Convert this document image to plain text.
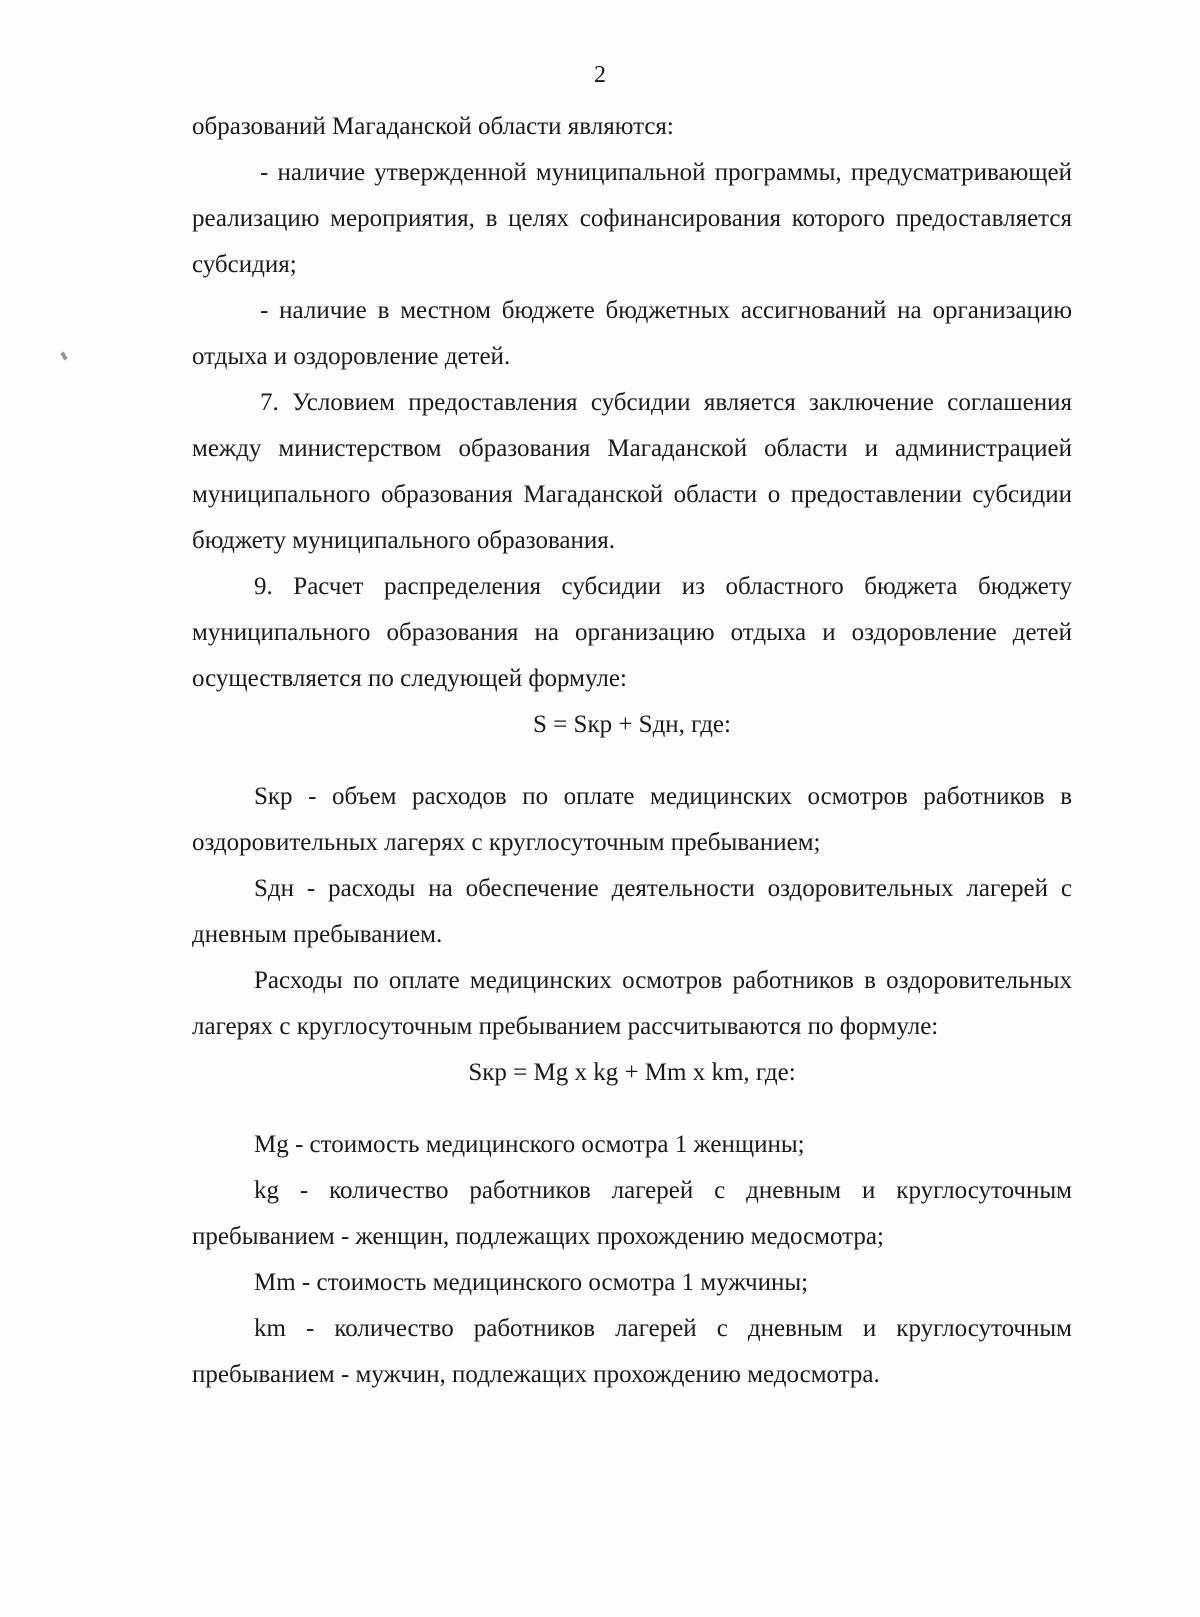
2

образований Магаданской области являются:

- наличие утвержденной муниципальной программы, предусматривающей реализацию мероприятия, в целях софинансирования которого предоставляется субсидия;

- наличие в местном бюджете бюджетных ассигнований на организацию отдыха и оздоровление детей.

7. Условием предоставления субсидии является заключение соглашения между министерством образования Магаданской области и администрацией муниципального образования Магаданской области о предоставлении субсидии бюджету муниципального образования.

9. Расчет распределения субсидии из областного бюджета бюджету муниципального образования на организацию отдыха и оздоровление детей осуществляется по следующей формуле:

S = Sкр + Sдн, где:

Sкр - объем расходов по оплате медицинских осмотров работников в оздоровительных лагерях с круглосуточным пребыванием;

Sдн - расходы на обеспечение деятельности оздоровительных лагерей с дневным пребыванием.

Расходы по оплате медицинских осмотров работников в оздоровительных лагерях с круглосуточным пребыванием рассчитываются по формуле:

Sкр = Mg x kg + Mm x km, где:

Mg - стоимость медицинского осмотра 1 женщины;

kg - количество работников лагерей с дневным и круглосуточным пребыванием - женщин, подлежащих прохождению медосмотра;

Mm - стоимость медицинского осмотра 1 мужчины;

km - количество работников лагерей с дневным и круглосуточным пребыванием - мужчин, подлежащих прохождению медосмотра.
